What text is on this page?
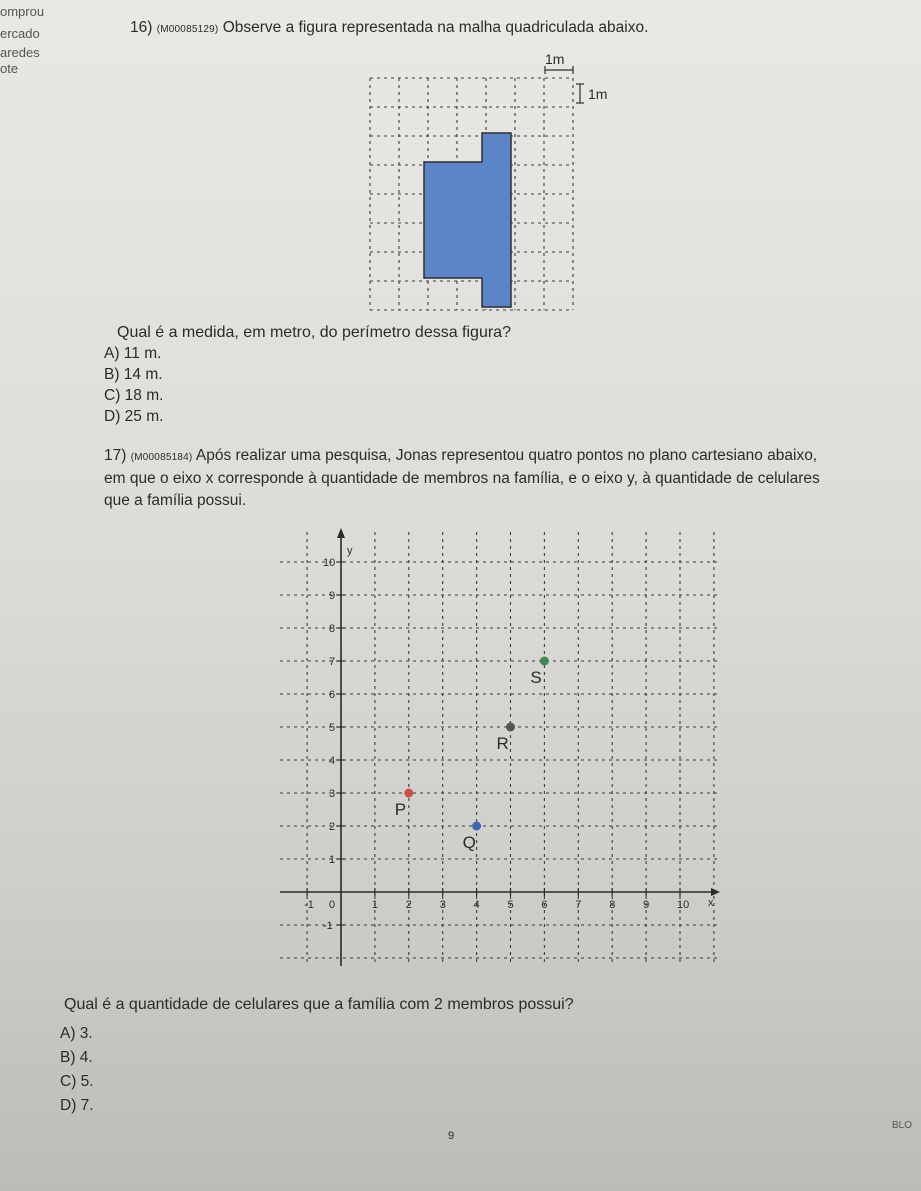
omprou
ercado
aredes
ote
16) (M00085129) Observe a figura representada na malha quadriculada abaixo.
1m
1m
Qual é a medida, em metro, do perímetro dessa figura?
A) 11 m.
B) 14 m.
C) 18 m.
D) 25 m.
17) (M00085184) Após realizar uma pesquisa, Jonas representou quatro pontos no plano cartesiano abaixo,
em que o eixo x corresponde à quantidade de membros na família, e o eixo y, à quantidade de celulares
que a família possui.
x
y
-1 0	1	2	3	4	5	6	7	8	9	10
-1
1
2
3
4
5
6
7
8
9
10
P
Q
R
S
Qual é a quantidade de celulares que a família com 2 membros possui?
A) 3.
B) 4.
C) 5.
D) 7.
9
BLO
